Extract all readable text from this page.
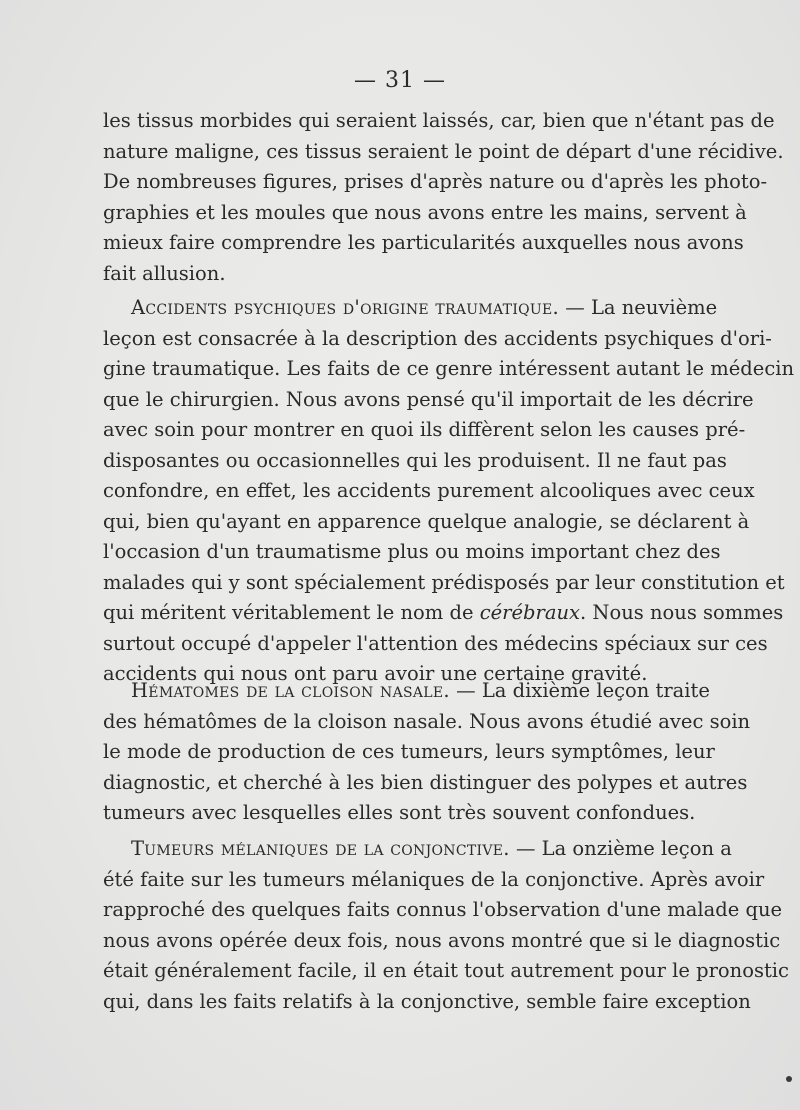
— 31 —
les tissus morbides qui seraient laissés, car, bien que n'étant pas de
nature maligne, ces tissus seraient le point de départ d'une récidive.
De nombreuses figures, prises d'après nature ou d'après les photo-
graphies et les moules que nous avons entre les mains, servent à
mieux faire comprendre les particularités auxquelles nous avons
fait allusion.
Accidents psychiques d'origine traumatique. — La neuvième
leçon est consacrée à la description des accidents psychiques d'ori-
gine traumatique. Les faits de ce genre intéressent autant le médecin
que le chirurgien. Nous avons pensé qu'il importait de les décrire
avec soin pour montrer en quoi ils diffèrent selon les causes pré-
disposantes ou occasionnelles qui les produisent. Il ne faut pas
confondre, en effet, les accidents purement alcooliques avec ceux
qui, bien qu'ayant en apparence quelque analogie, se déclarent à
l'occasion d'un traumatisme plus ou moins important chez des
malades qui y sont spécialement prédisposés par leur constitution et
qui méritent véritablement le nom de cérébraux. Nous nous sommes
surtout occupé d'appeler l'attention des médecins spéciaux sur ces
accidents qui nous ont paru avoir une certaine gravité.
Hématomes de la cloison nasale. — La dixième leçon traite
des hématômes de la cloison nasale. Nous avons étudié avec soin
le mode de production de ces tumeurs, leurs symptômes, leur
diagnostic, et cherché à les bien distinguer des polypes et autres
tumeurs avec lesquelles elles sont très souvent confondues.
Tumeurs mélaniques de la conjonctive. — La onzième leçon a
été faite sur les tumeurs mélaniques de la conjonctive. Après avoir
rapproché des quelques faits connus l'observation d'une malade que
nous avons opérée deux fois, nous avons montré que si le diagnostic
était généralement facile, il en était tout autrement pour le pronostic
qui, dans les faits relatifs à la conjonctive, semble faire exception
